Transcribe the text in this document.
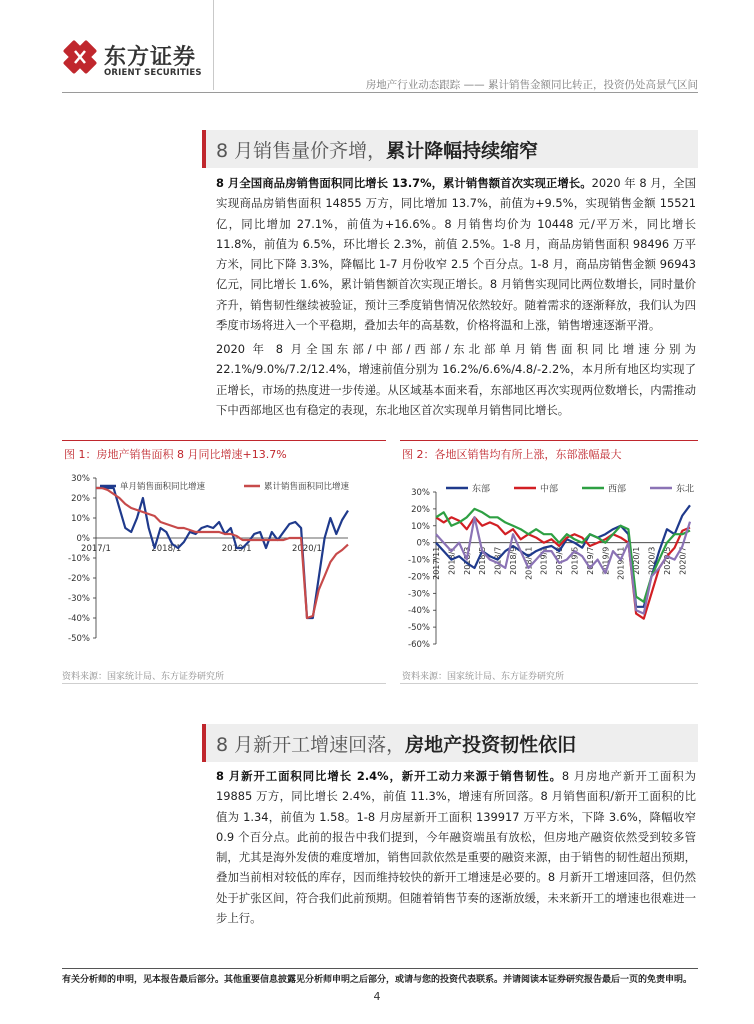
东方证券
ORIENT SECURITIES
房地产行业动态跟踪 —— 累计销售金额同比转正，投资仍处高景气区间
8 月销售量价齐增，累计降幅持续缩窄
8 月全国商品房销售面积同比增长 13.7%，累计销售额首次实现正增长。2020 年 8 月，全国实现商品房销售面积 14855 万方，同比增加 13.7%，前值为+9.5%，实现销售金额 15521 亿，同比增加 27.1%，前值为+16.6%。8 月销售均价为 10448 元/平万米，同比增长 11.8%，前值为 6.5%，环比增长 2.3%，前值 2.5%。1-8 月，商品房销售面积 98496 万平方米，同比下降 3.3%，降幅比 1-7 月份收窄 2.5 个百分点。1-8 月，商品房销售金额 96943 亿元，同比增长 1.6%，累计销售额首次实现正增长。8 月销售实现同比两位数增长，同时量价齐升，销售韧性继续被验证，预计三季度销售情况依然较好。随着需求的逐渐释放，我们认为四季度市场将进入一个平稳期，叠加去年的高基数，价格将温和上涨，销售增速逐渐平滑。
2020 年 8 月全国东部/中部/西部/东北部单月销售面积同比增速分别为 22.1%/9.0%/7.2/12.4%，增速前值分别为 16.2%/6.6%/4.8/-2.2%，本月所有地区均实现了正增长，市场的热度进一步传递。从区域基本面来看，东部地区再次实现两位数增长，内需推动下中西部地区也有稳定的表现，东北地区首次实现单月销售同比增长。
图 1：房地产销售面积 8 月同比增速+13.7%
30%
20%
10%
0%
-10%
-20%
-30%
-40%
-50%
2017/1	2018/1	2019/1	2020/1
单月销售面积同比增速	累计销售面积同比增速
资料来源：国家统计局、东方证券研究所
图 2：各地区销售均有所上涨，东部涨幅最大
30%
20%
10%
0%
-10%
-20%
-30%
-40%
-50%
-60%
2017/11 2018/1 2018/3 2018/5 2018/7 2018/9 2018/11 2019/1 2019/3 2019/5 2019/7 2019/9 2019/11 2020/1 2020/3 2020/5 2020/7
东部	中部	西部	东北
资料来源：国家统计局、东方证券研究所
8 月新开工增速回落，房地产投资韧性依旧
8 月新开工面积同比增长 2.4%，新开工动力来源于销售韧性。8 月房地产新开工面积为 19885 万方，同比增长 2.4%，前值 11.3%，增速有所回落。8 月销售面积/新开工面积的比值为 1.34，前值为 1.58。1-8 月房屋新开工面积 139917 万平方米，下降 3.6%，降幅收窄 0.9 个百分点。此前的报告中我们提到，今年融资端虽有放松，但房地产融资依然受到较多管制，尤其是海外发债的难度增加，销售回款依然是重要的融资来源，由于销售的韧性超出预期，叠加当前相对较低的库存，因而维持较快的新开工增速是必要的。8 月新开工增速回落，但仍然处于扩张区间，符合我们此前预期。但随着销售节奏的逐渐放缓，未来新开工的增速也很难进一步上行。
有关分析师的申明，见本报告最后部分。其他重要信息披露见分析师申明之后部分，或请与您的投资代表联系。并请阅读本证券研究报告最后一页的免责申明。
4
